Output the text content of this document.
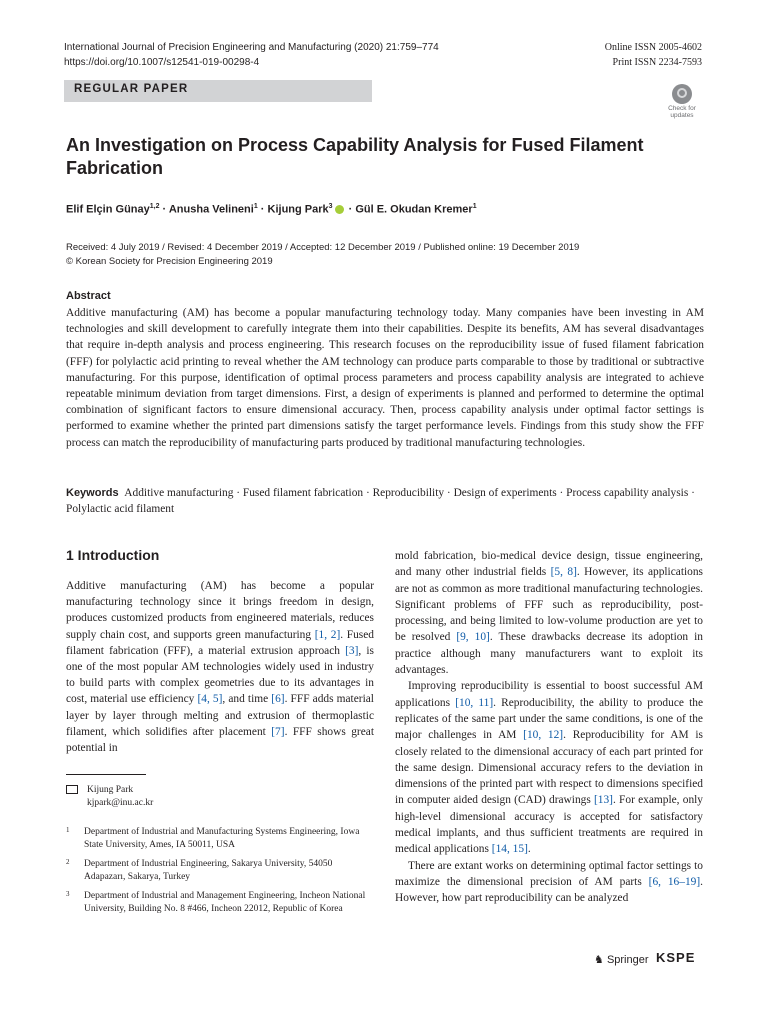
International Journal of Precision Engineering and Manufacturing (2020) 21:759–774
https://doi.org/10.1007/s12541-019-00298-4
Online ISSN 2005-4602
Print ISSN 2234-7593
REGULAR PAPER
Check for updates
An Investigation on Process Capability Analysis for Fused Filament Fabrication
Elif Elçin Günay$^{1,2}$ · Anusha Velineni$^1$ · Kijung Park$^3$ · Gül E. Okudan Kremer$^1$
Received: 4 July 2019 / Revised: 4 December 2019 / Accepted: 12 December 2019 / Published online: 19 December 2019
© Korean Society for Precision Engineering 2019
Abstract
Additive manufacturing (AM) has become a popular manufacturing technology today. Many companies have been investing in AM technologies and skill development to carefully integrate them into their capabilities. Despite its benefits, AM has several disadvantages that require in-depth analysis and process engineering. This research focuses on the reproducibility issue of fused filament fabrication (FFF) for polylactic acid printing to reveal whether the AM technology can produce parts comparable to those by traditional or subtractive manufacturing. For this purpose, identification of optimal process parameters and process capability analysis are integrated to achieve repeatable minimum deviation from target dimensions. First, a design of experiments is planned and performed to determine the optimal combination of significant factors to ensure dimensional accuracy. Then, process capability analysis under optimal factor settings is performed to examine whether the printed part dimensions satisfy the target performance levels. Findings from this study show the FFF process can match the reproducibility of manufacturing parts produced by traditional manufacturing technologies.
Keywords Additive manufacturing · Fused filament fabrication · Reproducibility · Design of experiments · Process capability analysis · Polylactic acid filament
1 Introduction

Additive manufacturing (AM) has become a popular manufacturing technology since it brings freedom in design, produces customized products from engineered materials, reduces supply chain cost, and supports green manufacturing [1, 2]. Fused filament fabrication (FFF), a material extrusion approach [3], is one of the most popular AM technologies widely used in industry to build parts with complex geometries due to its advantages in cost, material use efficiency [4, 5], and time [6]. FFF adds material layer by layer through melting and extrusion of thermoplastic filament, which solidifies after placement [7]. FFF shows great potential in

mold fabrication, bio-medical device design, tissue engineering, and many other industrial fields [5, 8]. However, its applications are not as common as more traditional manufacturing technologies. Significant problems of FFF such as reproducibility, post-processing, and being limited to low-volume production are yet to be resolved [9, 10]. These drawbacks decrease its adoption in practice although many manufacturers want to exploit its advantages.

Improving reproducibility is essential to boost successful AM applications [10, 11]. Reproducibility, the ability to produce the replicates of the same part under the same conditions, is one of the major challenges in AM [10, 12]. Reproducibility for AM is closely related to the dimensional accuracy of each part printed for the same design. Dimensional accuracy refers to the deviation in dimensions of the printed part with respect to dimensions specified in computer aided design (CAD) drawings [13]. For example, only high-level dimensional accuracy is accepted for satisfactory medical implants, and thus sufficient treatments are required in medical applications [14, 15].

There are extant works on determining optimal factor settings to maximize the dimensional precision of AM parts [6, 16–19]. However, how part reproducibility can be analyzed

Kijung Park
kjpark@inu.ac.kr
1 Department of Industrial and Manufacturing Systems Engineering, Iowa State University, Ames, IA 50011, USA
2 Department of Industrial Engineering, Sakarya University, 54050 Adapazarı, Sakarya, Turkey
3 Department of Industrial and Management Engineering, Incheon National University, Building No. 8 #466, Incheon 22012, Republic of Korea
♞ Springer KSPE
